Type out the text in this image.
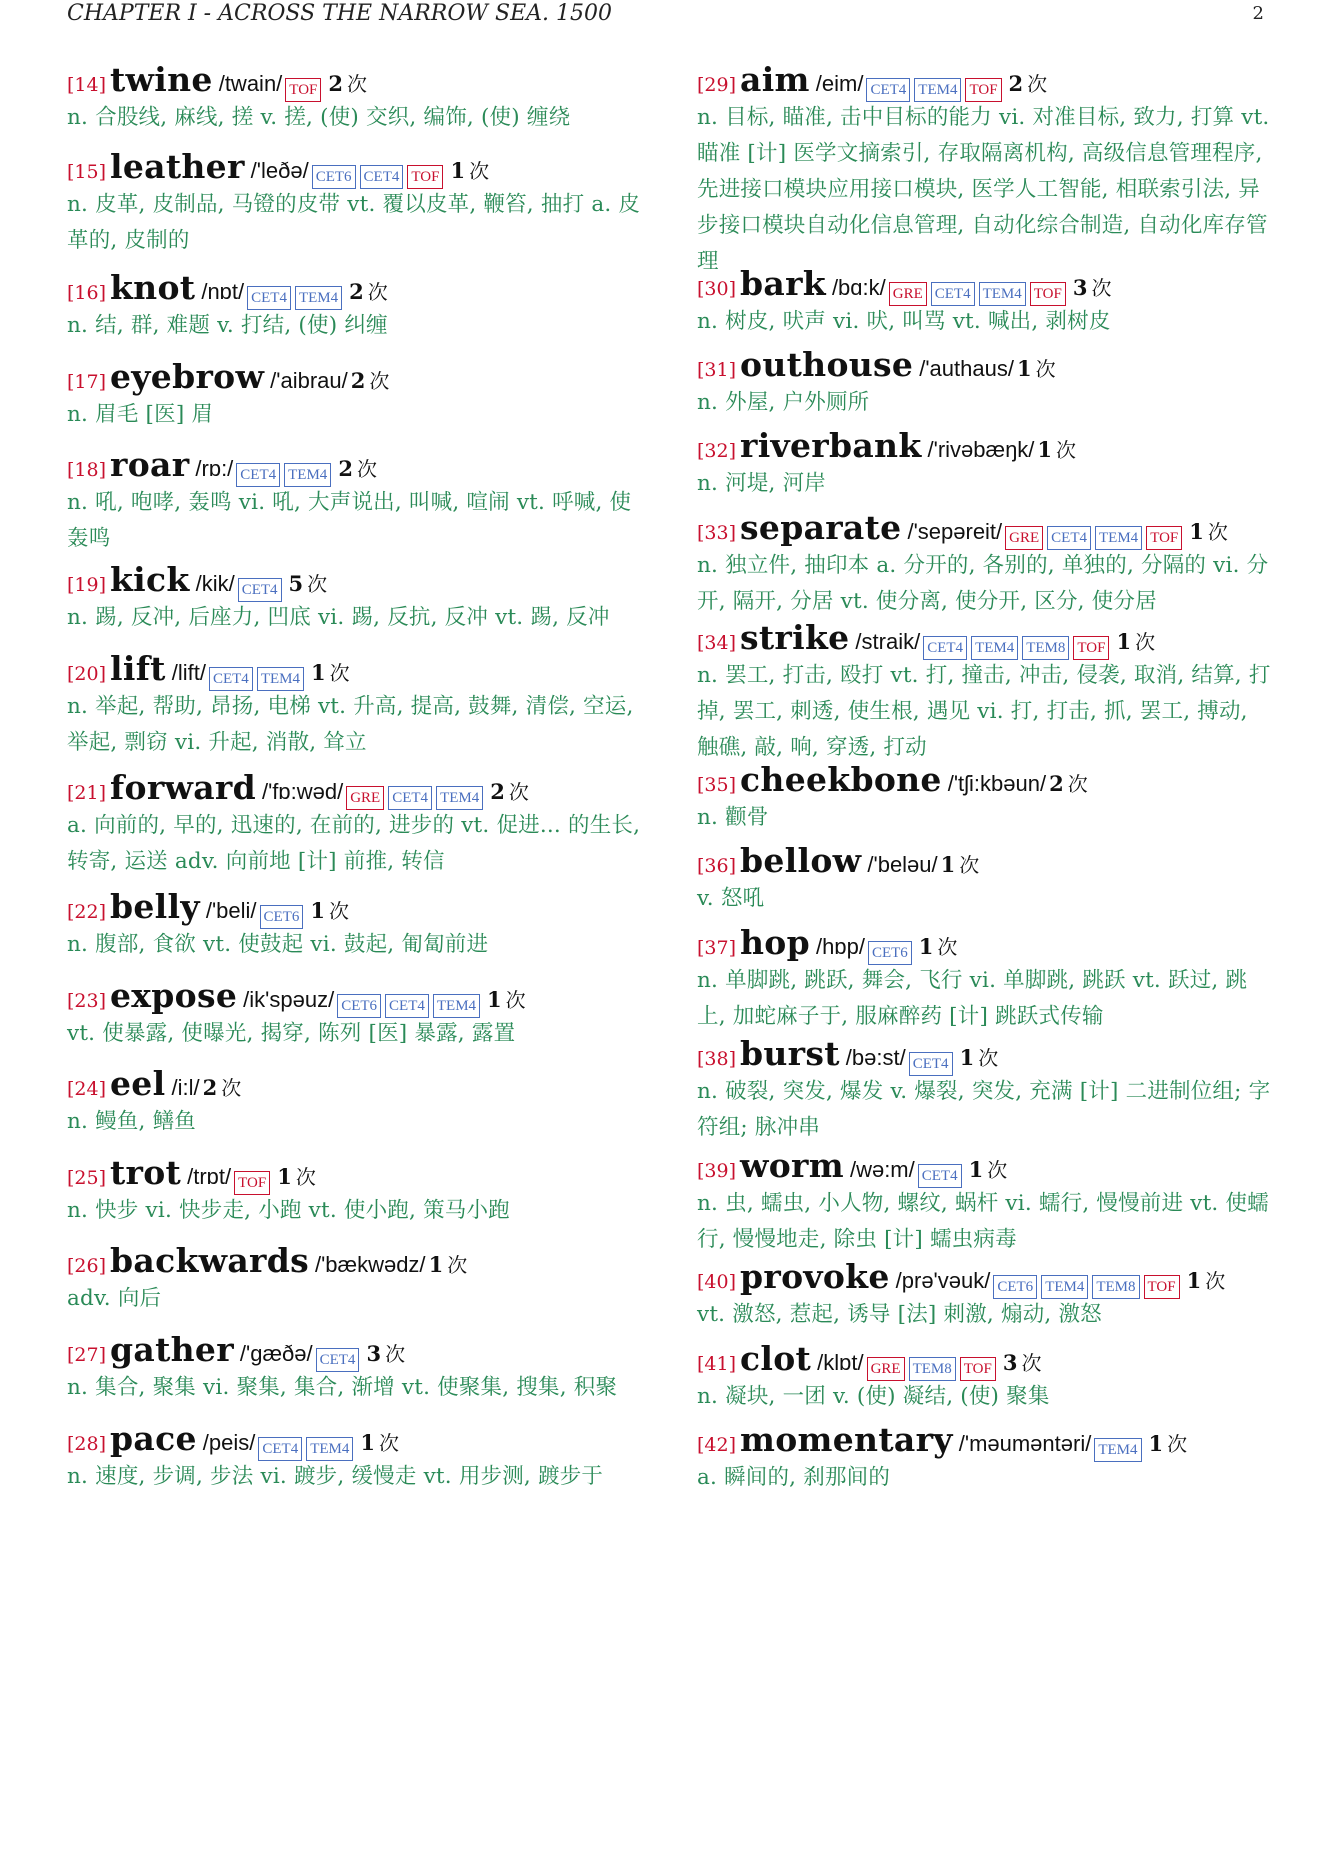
CHAPTER I - ACROSS THE NARROW SEA. 1500	2
[14] twine /twain/ TOF 2 次
n. 合股线, 麻线, 搓 v. 搓, (使) 交织, 编饰, (使) 缠绕
[15] leather /'leðə/ CET6 CET4 TOF 1 次
n. 皮革, 皮制品, 马镫的皮带 vt. 覆以皮革, 鞭笞, 抽打 a. 皮革的, 皮制的
[16] knot /nɒt/ CET4 TEM4 2 次
n. 结, 群, 难题 v. 打结, (使) 纠缠
[17] eyebrow /'aibrau/ 2 次
n. 眉毛 [医] 眉
[18] roar /rɒ:/ CET4 TEM4 2 次
n. 吼, 咆哮, 轰鸣 vi. 吼, 大声说出, 叫喊, 喧闹 vt. 呼喊, 使轰鸣
[19] kick /kik/ CET4 5 次
n. 踢, 反冲, 后座力, 凹底 vi. 踢, 反抗, 反冲 vt. 踢, 反冲
[20] lift /lift/ CET4 TEM4 1 次
n. 举起, 帮助, 昂扬, 电梯 vt. 升高, 提高, 鼓舞, 清偿, 空运, 举起, 剽窃 vi. 升起, 消散, 耸立
[21] forward /'fɒ:wəd/ GRE CET4 TEM4 2 次
a. 向前的, 早的, 迅速的, 在前的, 进步的 vt. 促进... 的生长, 转寄, 运送 adv. 向前地 [计] 前推, 转信
[22] belly /'beli/ CET6 1 次
n. 腹部, 食欲 vt. 使鼓起 vi. 鼓起, 匍匐前进
[23] expose /ik'spəuz/ CET6 CET4 TEM4 1 次
vt. 使暴露, 使曝光, 揭穿, 陈列 [医] 暴露, 露置
[24] eel /i:l/ 2 次
n. 鳗鱼, 鳝鱼
[25] trot /trɒt/ TOF 1 次
n. 快步 vi. 快步走, 小跑 vt. 使小跑, 策马小跑
[26] backwards /'bækwədz/ 1 次
adv. 向后
[27] gather /'gæðə/ CET4 3 次
n. 集合, 聚集 vi. 聚集, 集合, 渐增 vt. 使聚集, 搜集, 积聚
[28] pace /peis/ CET4 TEM4 1 次
n. 速度, 步调, 步法 vi. 踱步, 缓慢走 vt. 用步测, 踱步于
[29] aim /eim/ CET4 TEM4 TOF 2 次
n. 目标, 瞄准, 击中目标的能力 vi. 对准目标, 致力, 打算 vt. 瞄准 [计] 医学文摘索引, 存取隔离机构, 高级信息管理程序, 先进接口模块应用接口模块, 医学人工智能, 相联索引法, 异步接口模块自动化信息管理, 自动化综合制造, 自动化库存管理
[30] bark /bɑ:k/ GRE CET4 TEM4 TOF 3 次
n. 树皮, 吠声 vi. 吠, 叫骂 vt. 喊出, 剥树皮
[31] outhouse /'authaus/ 1 次
n. 外屋, 户外厕所
[32] riverbank /'rivəbæŋk/ 1 次
n. 河堤, 河岸
[33] separate /'sepəreit/ GRE CET4 TEM4 TOF 1 次
n. 独立件, 抽印本 a. 分开的, 各别的, 单独的, 分隔的 vi. 分开, 隔开, 分居 vt. 使分离, 使分开, 区分, 使分居
[34] strike /straik/ CET4 TEM4 TEM8 TOF 1 次
n. 罢工, 打击, 殴打 vt. 打, 撞击, 冲击, 侵袭, 取消, 结算, 打掉, 罢工, 刺透, 使生根, 遇见 vi. 打, 打击, 抓, 罢工, 搏动, 触礁, 敲, 响, 穿透, 打动
[35] cheekbone /'tʃi:kbəun/ 2 次
n. 颧骨
[36] bellow /'beləu/ 1 次
v. 怒吼
[37] hop /hɒp/ CET6 1 次
n. 单脚跳, 跳跃, 舞会, 飞行 vi. 单脚跳, 跳跃 vt. 跃过, 跳上, 加蛇麻子于, 服麻醉药 [计] 跳跃式传输
[38] burst /bə:st/ CET4 1 次
n. 破裂, 突发, 爆发 v. 爆裂, 突发, 充满 [计] 二进制位组; 字符组; 脉冲串
[39] worm /wə:m/ CET4 1 次
n. 虫, 蠕虫, 小人物, 螺纹, 蜗杆 vi. 蠕行, 慢慢前进 vt. 使蠕行, 慢慢地走, 除虫 [计] 蠕虫病毒
[40] provoke /prə'vəuk/ CET6 TEM4 TEM8 TOF 1 次
vt. 激怒, 惹起, 诱导 [法] 刺激, 煽动, 激怒
[41] clot /klɒt/ GRE TEM8 TOF 3 次
n. 凝块, 一团 v. (使) 凝结, (使) 聚集
[42] momentary /'məuməntəri/ TEM4 1 次
a. 瞬间的, 刹那间的
